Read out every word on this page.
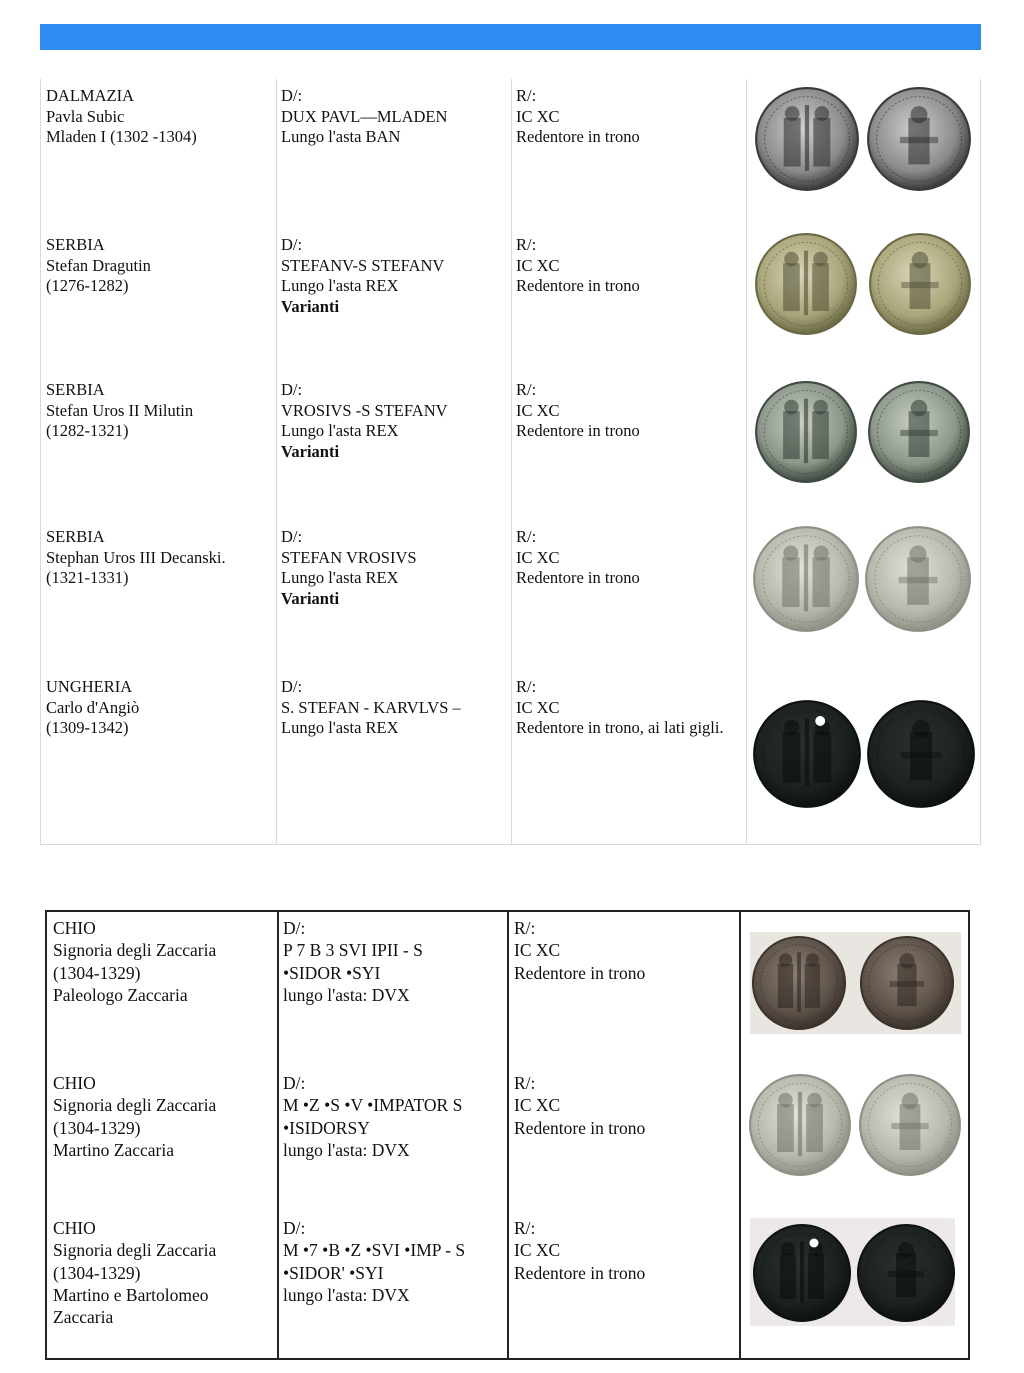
DALMAZIA
Pavla Subic
Mladen I (1302 -1304)
D/:
DUX PAVL—MLADEN
Lungo l'asta BAN
R/:
IC XC
Redentore in trono
SERBIA
Stefan Dragutin
(1276-1282)
D/:
STEFANV-S STEFANV
Lungo l'asta REX
Varianti
R/:
IC XC
Redentore in trono
SERBIA
Stefan Uros II Milutin
(1282-1321)
D/:
VROSIVS -S STEFANV
Lungo l'asta REX
Varianti
R/:
IC XC
Redentore in trono
SERBIA
Stephan Uros III Decanski.
(1321-1331)
D/:
STEFAN VROSIVS
Lungo l'asta REX
Varianti
R/:
IC XC
Redentore in trono
UNGHERIA
Carlo d'Angiò
(1309-1342)
D/:
S. STEFAN - KARVLVS –
Lungo l'asta REX
R/:
IC XC
Redentore in trono, ai lati gigli.
CHIO
Signoria degli Zaccaria
(1304-1329)
Paleologo Zaccaria
D/:
P 7 B 3 SVI IPII - S
•SIDOR •SYI
lungo l'asta: DVX
R/:
IC XC
Redentore in trono
CHIO
Signoria degli Zaccaria
(1304-1329)
Martino Zaccaria
D/:
M •Z •S •V •IMPATOR S
•ISIDORSY
lungo l'asta: DVX
R/:
IC XC
Redentore in trono
CHIO
Signoria degli Zaccaria
(1304-1329)
Martino e Bartolomeo
Zaccaria
D/:
M •7 •B •Z •SVI •IMP - S
•SIDOR' •SYI
lungo l'asta: DVX
R/:
IC XC
Redentore in trono
